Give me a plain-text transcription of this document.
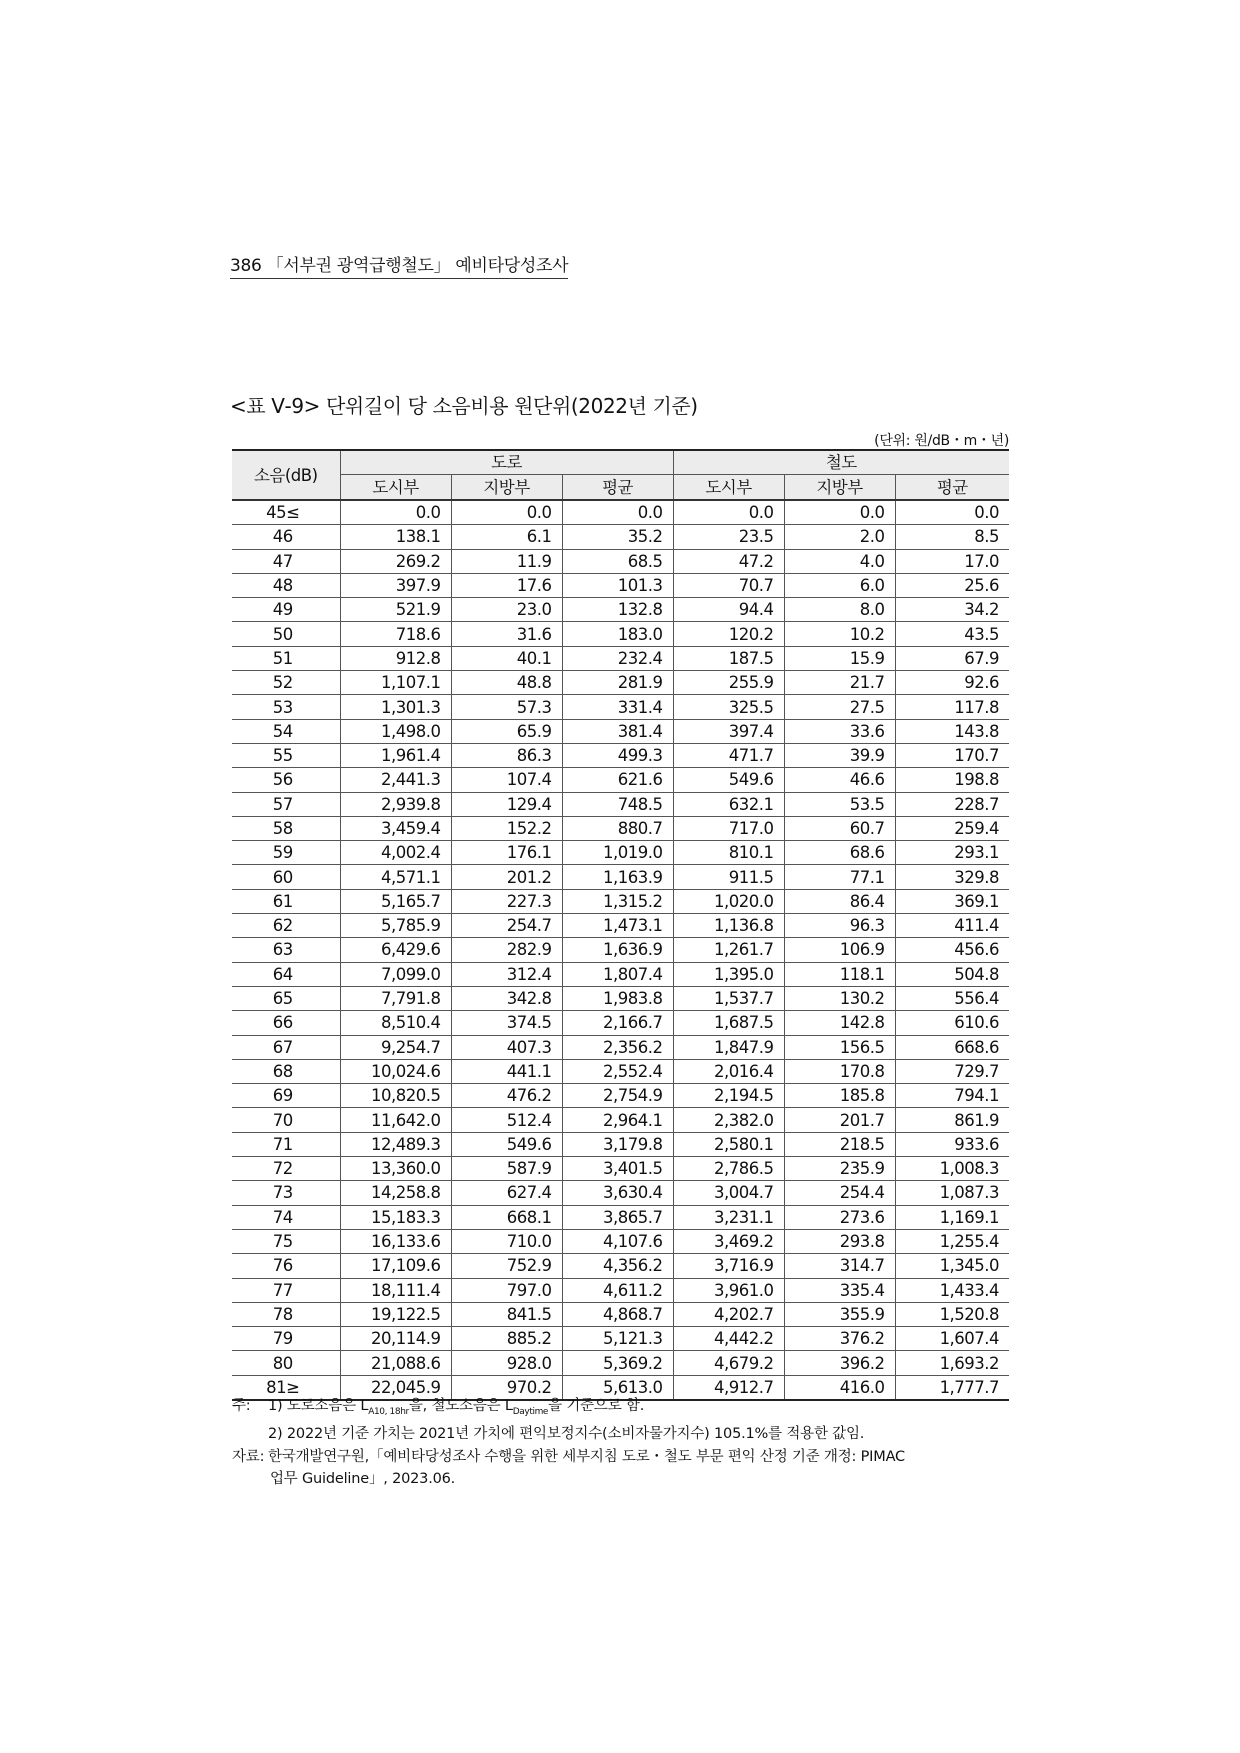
386 「서부권 광역급행철도」 예비타당성조사
<표 Ⅴ-9> 단위길이 당 소음비용 원단위(2022년 기준)
(단위: 원/dB・m・년)
소음(dB)	도로			철도		
	도시부	지방부	평균	도시부	지방부	평균
45≤	0.0	0.0	0.0	0.0	0.0	0.0
46	138.1	6.1	35.2	23.5	2.0	8.5
47	269.2	11.9	68.5	47.2	4.0	17.0
48	397.9	17.6	101.3	70.7	6.0	25.6
49	521.9	23.0	132.8	94.4	8.0	34.2
50	718.6	31.6	183.0	120.2	10.2	43.5
51	912.8	40.1	232.4	187.5	15.9	67.9
52	1,107.1	48.8	281.9	255.9	21.7	92.6
53	1,301.3	57.3	331.4	325.5	27.5	117.8
54	1,498.0	65.9	381.4	397.4	33.6	143.8
55	1,961.4	86.3	499.3	471.7	39.9	170.7
56	2,441.3	107.4	621.6	549.6	46.6	198.8
57	2,939.8	129.4	748.5	632.1	53.5	228.7
58	3,459.4	152.2	880.7	717.0	60.7	259.4
59	4,002.4	176.1	1,019.0	810.1	68.6	293.1
60	4,571.1	201.2	1,163.9	911.5	77.1	329.8
61	5,165.7	227.3	1,315.2	1,020.0	86.4	369.1
62	5,785.9	254.7	1,473.1	1,136.8	96.3	411.4
63	6,429.6	282.9	1,636.9	1,261.7	106.9	456.6
64	7,099.0	312.4	1,807.4	1,395.0	118.1	504.8
65	7,791.8	342.8	1,983.8	1,537.7	130.2	556.4
66	8,510.4	374.5	2,166.7	1,687.5	142.8	610.6
67	9,254.7	407.3	2,356.2	1,847.9	156.5	668.6
68	10,024.6	441.1	2,552.4	2,016.4	170.8	729.7
69	10,820.5	476.2	2,754.9	2,194.5	185.8	794.1
70	11,642.0	512.4	2,964.1	2,382.0	201.7	861.9
71	12,489.3	549.6	3,179.8	2,580.1	218.5	933.6
72	13,360.0	587.9	3,401.5	2,786.5	235.9	1,008.3
73	14,258.8	627.4	3,630.4	3,004.7	254.4	1,087.3
74	15,183.3	668.1	3,865.7	3,231.1	273.6	1,169.1
75	16,133.6	710.0	4,107.6	3,469.2	293.8	1,255.4
76	17,109.6	752.9	4,356.2	3,716.9	314.7	1,345.0
77	18,111.4	797.0	4,611.2	3,961.0	335.4	1,433.4
78	19,122.5	841.5	4,868.7	4,202.7	355.9	1,520.8
79	20,114.9	885.2	5,121.3	4,442.2	376.2	1,607.4
80	21,088.6	928.0	5,369.2	4,679.2	396.2	1,693.2
81≥	22,045.9	970.2	5,613.0	4,912.7	416.0	1,777.7
주:	1) 도로소음은 $L_{A10, 18hr}$을, 철도소음은 $L_{Daytime}$을 기준으로 함.
2) 2022년 기준 가치는 2021년 가치에 편익보정지수(소비자물가지수) 105.1%를 적용한 값임.
자료: 한국개발연구원,「예비타당성조사 수행을 위한 세부지침 도로・철도 부문 편익 산정 기준 개정: PIMAC
업무 Guideline」, 2023.06.
